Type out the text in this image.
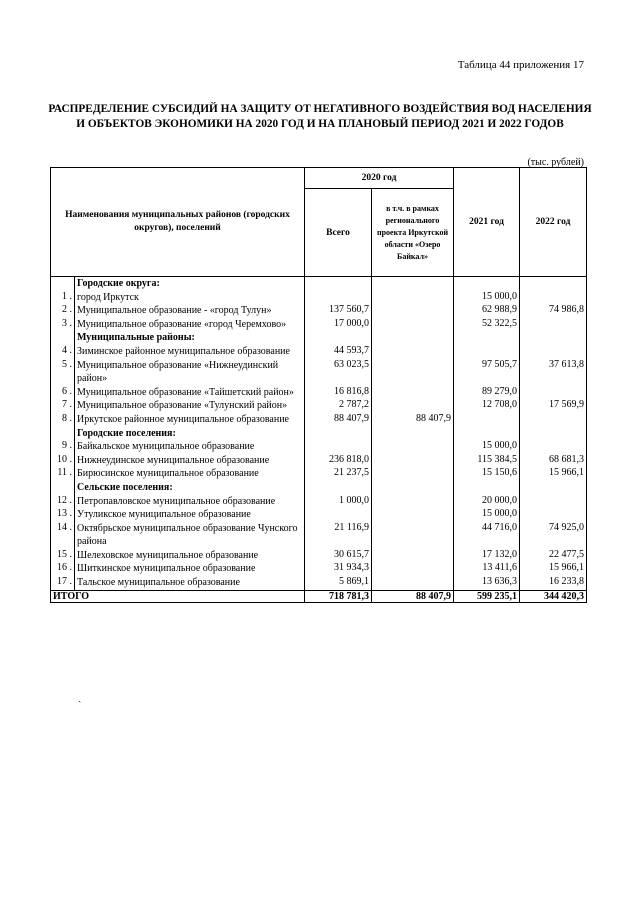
Таблица 44 приложения 17
РАСПРЕДЕЛЕНИЕ СУБСИДИЙ НА ЗАЩИТУ ОТ НЕГАТИВНОГО ВОЗДЕЙСТВИЯ ВОД НАСЕЛЕНИЯ
И ОБЪЕКТОВ ЭКОНОМИКИ НА 2020 ГОД И НА ПЛАНОВЫЙ ПЕРИОД 2021 И 2022 ГОДОВ
(тыс. рублей)
Наименования муниципальных районов (городских округов), поселений		2020 год		2021 год	2022 год
		Всего	в т.ч. в рамках регионального проекта Иркутской области «Озеро Байкал»		
	Городские округа:				
1 .	город Иркутск			15 000,0	
2 .	Муниципальное образование - «город Тулун»	137 560,7		62 988,9	74 986,8
3 .	Муниципальное образование «город Черемхово»	17 000,0		52 322,5	
	Муниципальные районы:				
4 .	Зиминское районное муниципальное образование	44 593,7			
5 .	Муниципальное образование «Нижнеудинский район»	63 023,5		97 505,7	37 613,8
6 .	Муниципальное образование «Тайшетский район»	16 816,8		89 279,0	
7 .	Муниципальное образование «Тулунский район»	2 787,2		12 708,0	17 569,9
8 .	Иркутское районное муниципальное образование	88 407,9	88 407,9		
	Городские поселения:				
9 .	Байкальское муниципальное образование			15 000,0	
10 .	Нижнеудинское муниципальное образование	236 818,0		115 384,5	68 681,3
11 .	Бирюсинское муниципальное образование	21 237,5		15 150,6	15 966,1
	Сельские поселения:				
12 .	Петропавловское муниципальное образование	1 000,0		20 000,0	
13 .	Утуликское муниципальное образование			15 000,0	
14 .	Октябрьское муниципальное образование Чунского района	21 116,9		44 716,0	74 925,0
15 .	Шелеховское муниципальное образование	30 615,7		17 132,0	22 477,5
16 .	Шиткинское муниципальное образование	31 934,3		13 411,6	15 966,1
17 .	Тальское муниципальное образование	5 869,1		13 636,3	16 233,8
ИТОГО		718 781,3	88 407,9	599 235,1	344 420,3
ˎ
